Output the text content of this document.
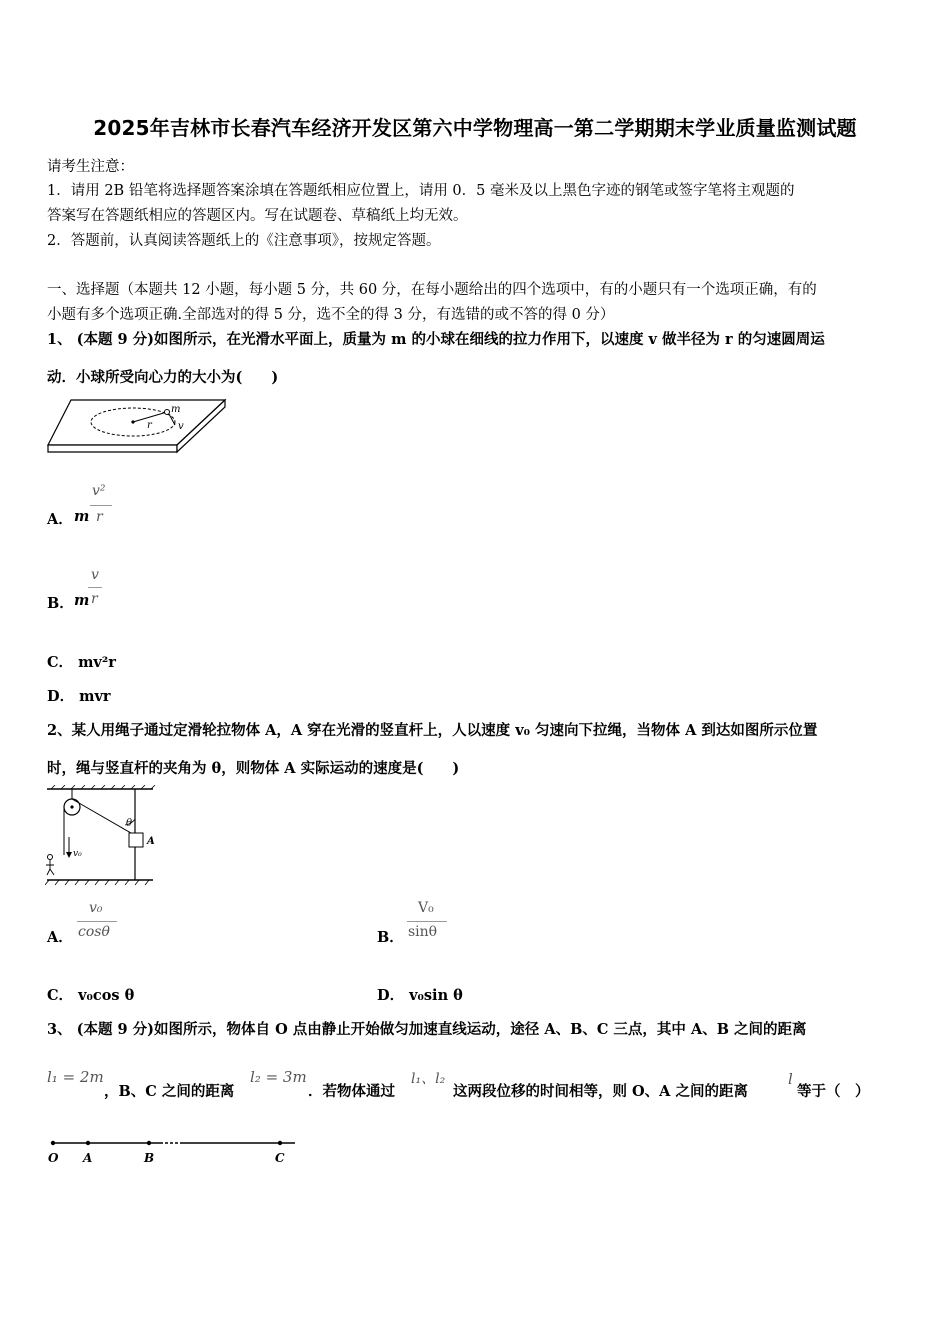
2025年吉林市长春汽车经济开发区第六中学物理高一第二学期期末学业质量监测试题
请考生注意：
1．请用 2B 铅笔将选择题答案涂填在答题纸相应位置上，请用 0．5 毫米及以上黑色字迹的钢笔或签字笔将主观题的
答案写在答题纸相应的答题区内。写在试题卷、草稿纸上均无效。
2．答题前，认真阅读答题纸上的《注意事项》，按规定答题。
一、选择题（本题共 12 小题，每小题 5 分，共 60 分，在每小题给出的四个选项中，有的小题只有一个选项正确，有的
小题有多个选项正确.全部选对的得 5 分，选不全的得 3 分，有选错的或不答的得 0 分）
1、 (本题 9 分)如图所示，在光滑水平面上，质量为 m 的小球在细线的拉力作用下，以速度 v 做半径为 r 的匀速圆周运
动．小球所受向心力的大小为(　　)
m
r	v
A． m
v²
r
B． m
v
r
C． mv²r
D． mvr
2、某人用绳子通过定滑轮拉物体 A，A 穿在光滑的竖直杆上，人以速度 v₀ 匀速向下拉绳，当物体 A 到达如图所示位置
时，绳与竖直杆的夹角为 θ，则物体 A 实际运动的速度是(　　)
θ
A
v₀
A．
v₀
cosθ	B．
V₀
sinθ
C． v₀cos θ	D． v₀sin θ
3、 (本题 9 分)如图所示，物体自 O 点由静止开始做匀加速直线运动，途径 A、B、C 三点，其中 A、B 之间的距离
l₁ = 2m
，B、C 之间的距离
l₂ = 3m
．若物体通过
l₁、l₂
这两段位移的时间相等，则 O、A 之间的距离
l
等于（　）
O A	B	C
